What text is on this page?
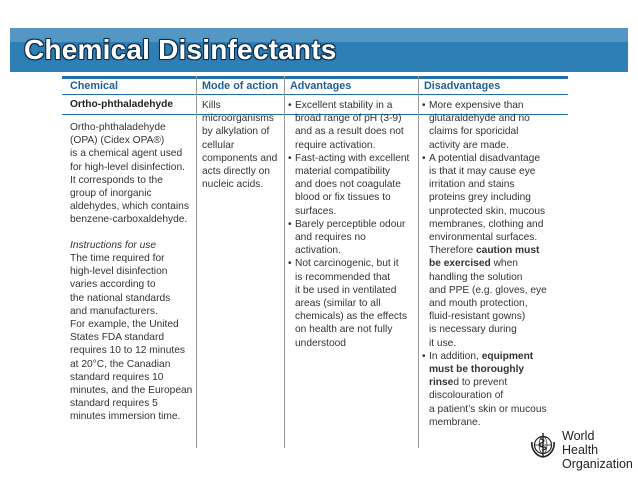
Chemical Disinfectants
Chemical	Mode of action Advantages	Disadvantages
Ortho-phthaladehyde
Ortho-phthaladehyde
(OPA) (Cidex OPA®)
is a chemical agent used
for high-level disinfection.
It corresponds to the
group of inorganic
aldehydes, which contains
benzene-carboxaldehyde.
Instructions for use
The time required for
high-level disinfection
varies according to
the national standards
and manufacturers.
For example, the United
States FDA standard
requires 10 to 12 minutes
at 20°C, the Canadian
standard requires 10
minutes, and the European
standard requires 5
minutes immersion time.
Kills
microorganisms
by alkylation of
cellular
components and
acts directly on
nucleic acids.
• Excellent stability in a
broad range of pH (3-9)
and as a result does not
require activation.
• Fast-acting with excellent
material compatibility
and does not coagulate
blood or fix tissues to
surfaces.
• Barely perceptible odour
and requires no
activation.
• Not carcinogenic, but it
is recommended that
it be used in ventilated
areas (similar to all
chemicals) as the effects
on health are not fully
understood
• More expensive than
glutaraldehyde and no
claims for sporicidal
activity are made.
• A potential disadvantage
is that it may cause eye
irritation and stains
proteins grey including
unprotected skin, mucous
membranes, clothing and
environmental surfaces.
Therefore caution must
be exercised when
handling the solution
and PPE (e.g. gloves, eye
and mouth protection,
fluid-resistant gowns)
is necessary during
it use.
• In addition, equipment
must be thoroughly
rinsed to prevent
discolouration of
a patient’s skin or mucous
membrane.
World Health
Organization
